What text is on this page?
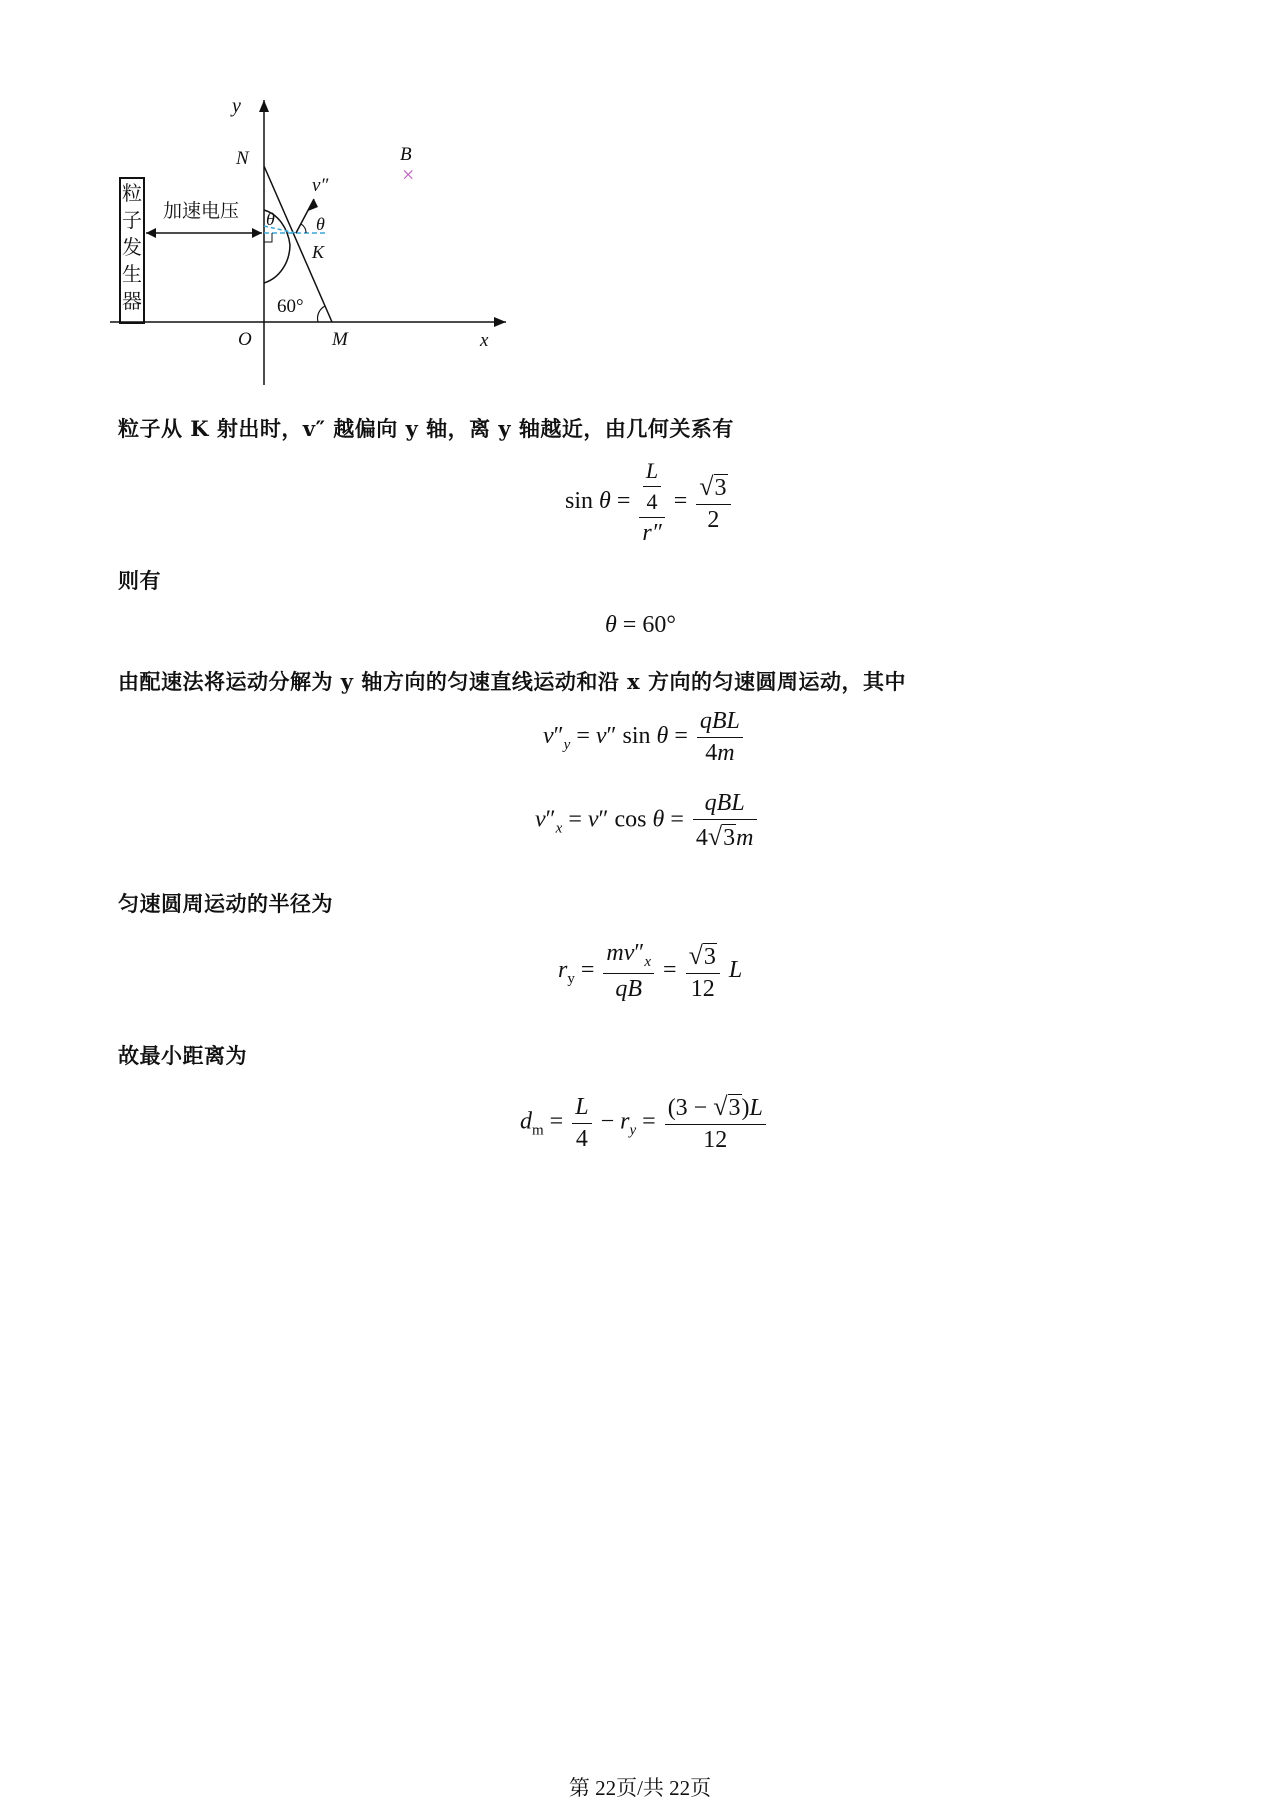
粒
子
发
生
器
加速电压
y
N	B
×
v″
θ θ
K
60°
O	M	x
粒子从 K 射出时，v″ 越偏向 y 轴，离 y 轴越近，由几何关系有
$\sin \theta = \frac{\frac{L}{4}}{r''} = \frac{√3}{2}$
则有
θ = 60°
由配速法将运动分解为 y 轴方向的匀速直线运动和沿 x 方向的匀速圆周运动，其中
$v''_y = v''$ $\sin \theta = \frac{\text{qBL}}{4m}$
$v''_x = v''$ $\cos \theta = \frac{\text{qBL}}{4√3m}$
匀速圆周运动的半径为
$r_y = \frac{mv''_x}{qB} = \frac{√3}{12}$ L
故最小距离为
$d_m = \frac{L}{4} - r_y = \frac{(3 - √3)L}{12}$
第 22页/共 22页
